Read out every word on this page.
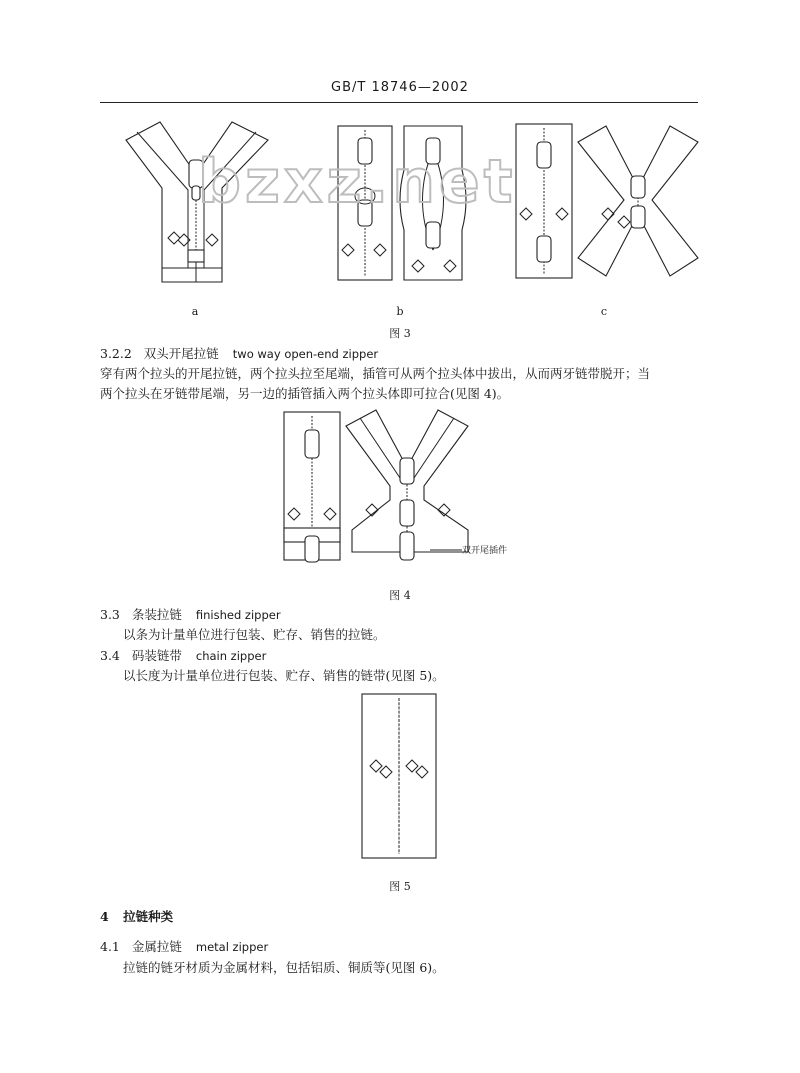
GB/T 18746—2002
bzxz.net
a	b	c
图 3
3.2.2 双头开尾拉链 two way open-end zipper
穿有两个拉头的开尾拉链，两个拉头拉至尾端，插管可从两个拉头体中拔出，从而两牙链带脱开；当
两个拉头在牙链带尾端，另一边的插管插入两个拉头体即可拉合(见图 4)。
双开尾插件
图 4
3.3 条装拉链 finished zipper
以条为计量单位进行包装、贮存、销售的拉链。
3.4 码装链带 chain zipper
以长度为计量单位进行包装、贮存、销售的链带(见图 5)。
图 5
4 拉链种类
4.1 金属拉链 metal zipper
拉链的链牙材质为金属材料，包括铝质、铜质等(见图 6)。
